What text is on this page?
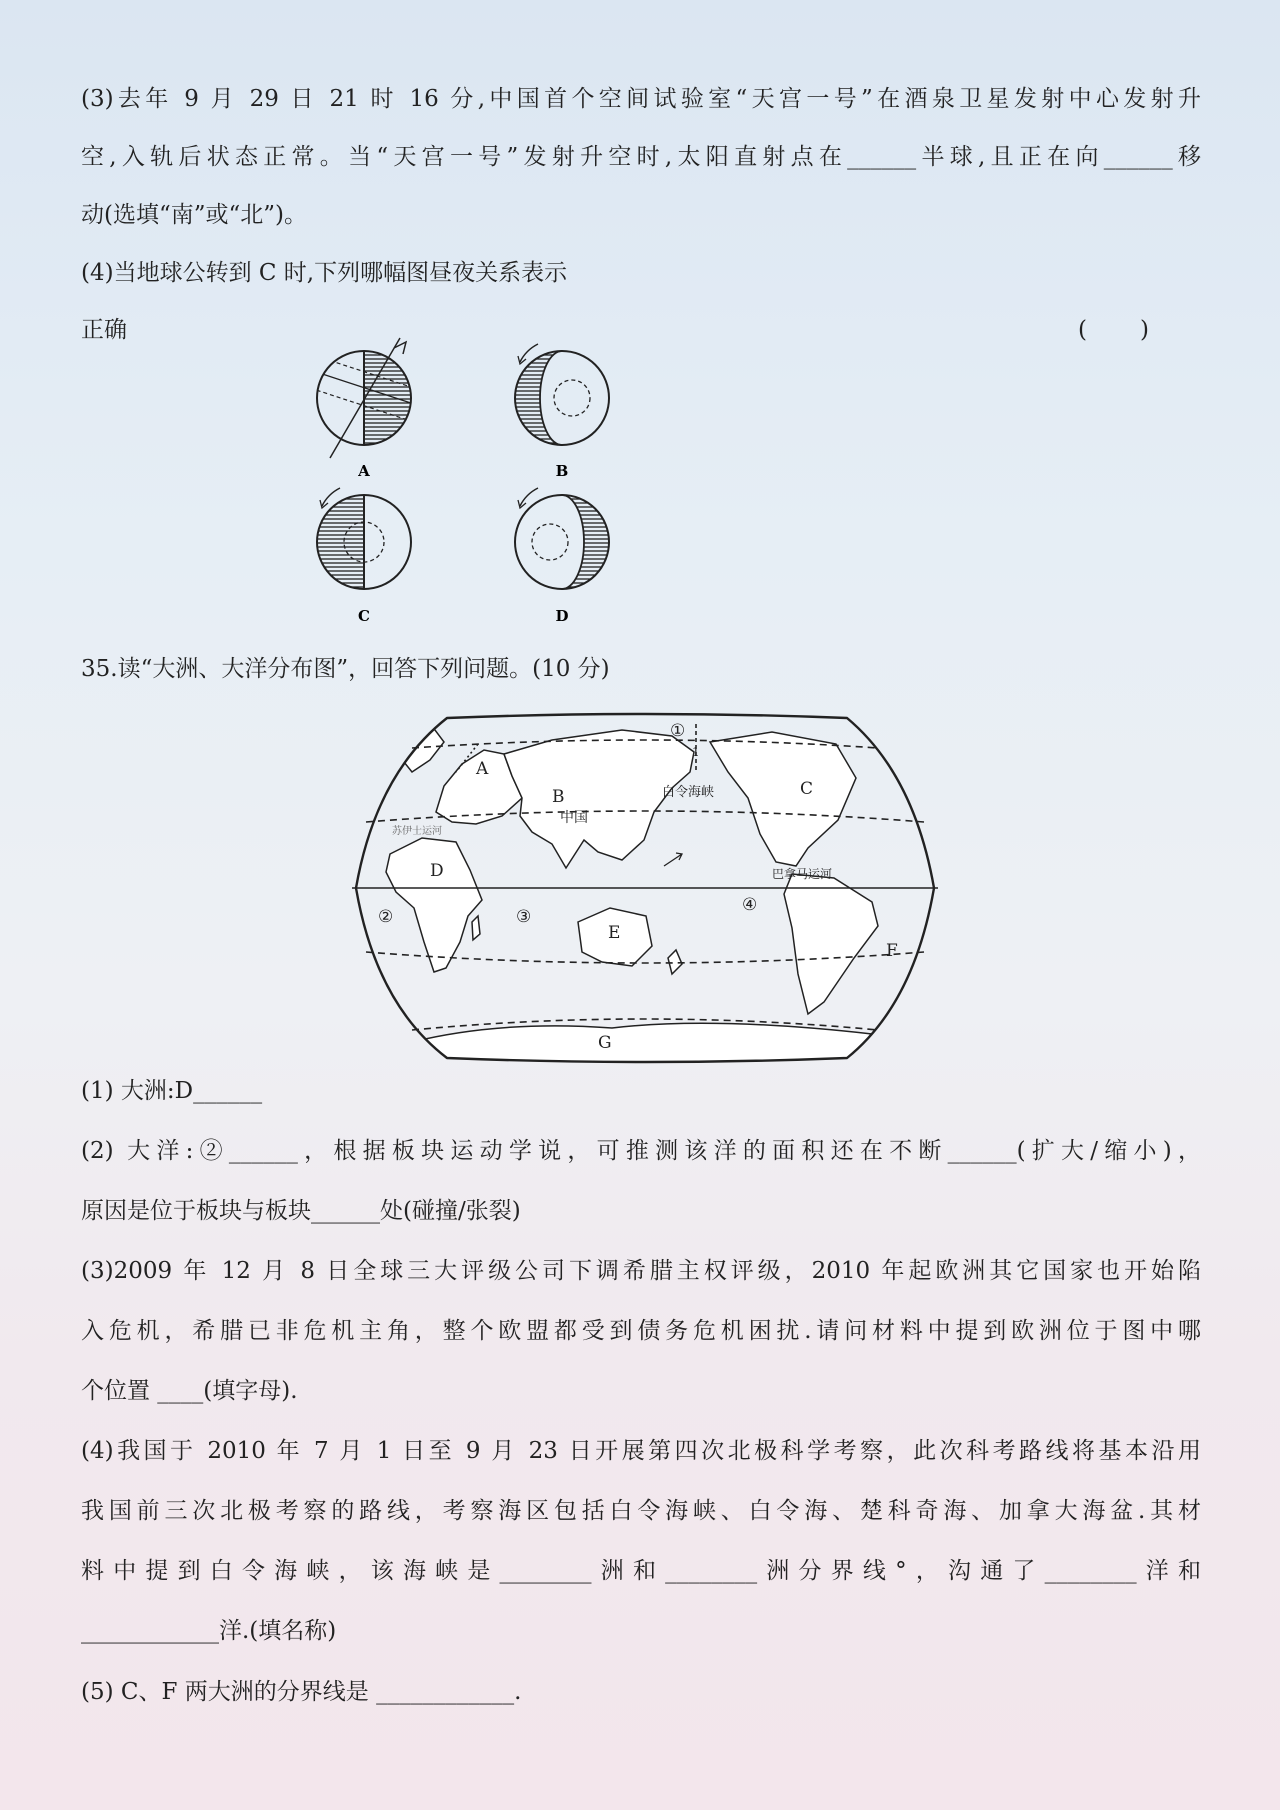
(3)去年 9 月 29 日 21 时 16 分,中国首个空间试验室“天宫一号”在酒泉卫星发射中心发射升
空,入轨后状态正常。当“天宫一号”发射升空时,太阳直射点在______半球,且正在向______移
动(选填“南”或“北”)。
(4)当地球公转到 C 时,下列哪幅图昼夜关系表示
正确	( )
A	B
C	D
35.读“大洲、大洋分布图”，回答下列问题。(10 分)
①
1
②	③
④
A
B	C
D
E
F
G
中国
白令海峡
苏伊士运河
巴拿马运河
(1) 大洲:D______
(2) 大洋:②______，根据板块运动学说，可推测该洋的面积还在不断______(扩大/缩小)，
原因是位于板块与板块______处(碰撞/张裂)
(3)2009 年 12 月 8 日全球三大评级公司下调希腊主权评级，2010 年起欧洲其它国家也开始陷
入危机，希腊已非危机主角，整个欧盟都受到债务危机困扰.请问材料中提到欧洲位于图中哪
个位置 ____(填字母).
(4)我国于 2010 年 7 月 1 日至 9 月 23 日开展第四次北极科学考察，此次科考路线将基本沿用
我国前三次北极考察的路线，考察海区包括白令海峡、白令海、楚科奇海、加拿大海盆.其材
料中提到白令海峡，该海峡是________洲和________洲分界线°，沟通了________洋和
____________洋.(填名称)
(5) C、F 两大洲的分界线是 ____________.
